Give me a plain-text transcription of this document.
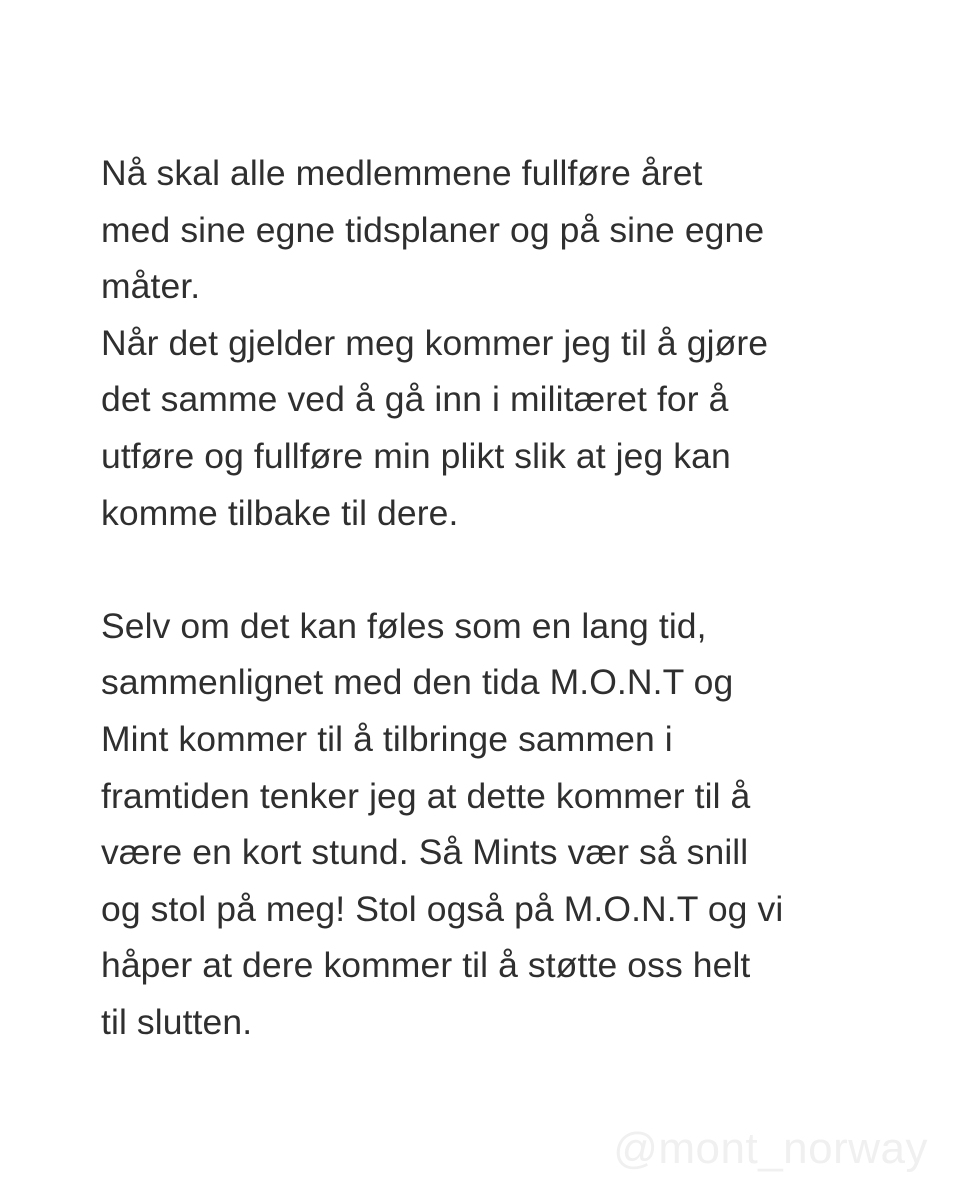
Nå skal alle medlemmene fullføre året
med sine egne tidsplaner og på sine egne
måter.
Når det gjelder meg kommer jeg til å gjøre
det samme ved å gå inn i militæret for å
utføre og fullføre min plikt slik at jeg kan
komme tilbake til dere.
Selv om det kan føles som en lang tid,
sammenlignet med den tida M.O.N.T og
Mint kommer til å tilbringe sammen i
framtiden tenker jeg at dette kommer til å
være en kort stund. Så Mints vær så snill
og stol på meg! Stol også på M.O.N.T og vi
håper at dere kommer til å støtte oss helt
til slutten.
@mont_norway
